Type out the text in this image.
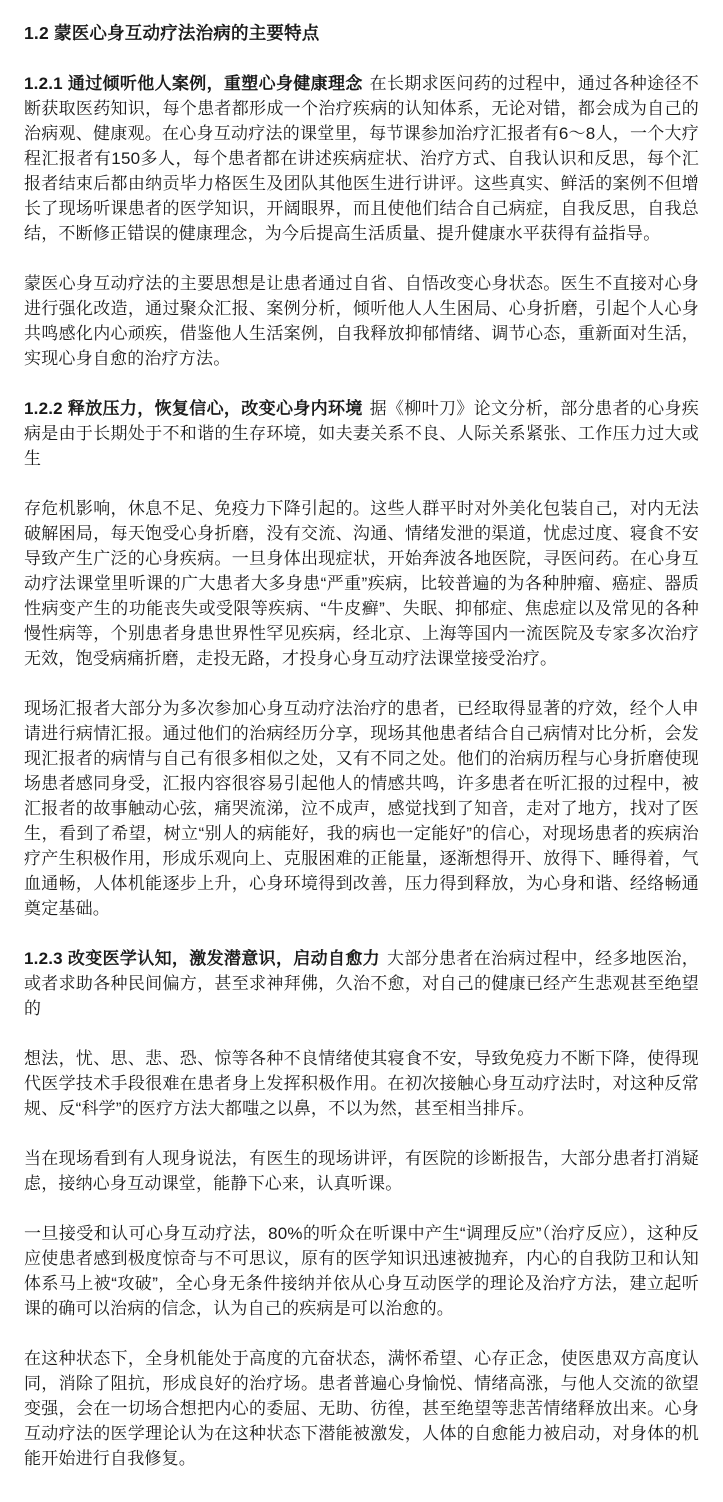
1.2 蒙医心身互动疗法治病的主要特点

1.2.1 通过倾听他人案例，重塑心身健康理念 在长期求医问药的过程中，通过各种途径不断获取医药知识，每个患者都形成一个治疗疾病的认知体系，无论对错，都会成为自己的治病观、健康观。在心身互动疗法的课堂里，每节课参加治疗汇报者有6～8人，一个大疗程汇报者有150多人，每个患者都在讲述疾病症状、治疗方式、自我认识和反思，每个汇报者结束后都由纳贡毕力格医生及团队其他医生进行讲评。这些真实、鲜活的案例不但增长了现场听课患者的医学知识，开阔眼界，而且使他们结合自己病症，自我反思，自我总结，不断修正错误的健康理念，为今后提高生活质量、提升健康水平获得有益指导。

蒙医心身互动疗法的主要思想是让患者通过自省、自悟改变心身状态。医生不直接对心身进行强化改造，通过聚众汇报、案例分析，倾听他人人生困局、心身折磨，引起个人心身共鸣感化内心顽疾，借鉴他人生活案例，自我释放抑郁情绪、调节心态，重新面对生活，实现心身自愈的治疗方法。

1.2.2 释放压力，恢复信心，改变心身内环境 据《柳叶刀》论文分析，部分患者的心身疾病是由于长期处于不和谐的生存环境，如夫妻关系不良、人际关系紧张、工作压力过大或生

存危机影响，休息不足、免疫力下降引起的。这些人群平时对外美化包装自己，对内无法破解困局，每天饱受心身折磨，没有交流、沟通、情绪发泄的渠道，忧虑过度、寝食不安导致产生广泛的心身疾病。一旦身体出现症状，开始奔波各地医院，寻医问药。在心身互动疗法课堂里听课的广大患者大多身患“严重”疾病，比较普遍的为各种肿瘤、癌症、器质性病变产生的功能丧失或受限等疾病、“牛皮癣”、失眠、抑郁症、焦虑症以及常见的各种慢性病等，个别患者身患世界性罕见疾病，经北京、上海等国内一流医院及专家多次治疗无效，饱受病痛折磨，走投无路，才投身心身互动疗法课堂接受治疗。

现场汇报者大部分为多次参加心身互动疗法治疗的患者，已经取得显著的疗效，经个人申请进行病情汇报。通过他们的治病经历分享，现场其他患者结合自己病情对比分析，会发现汇报者的病情与自己有很多相似之处，又有不同之处。他们的治病历程与心身折磨使现场患者感同身受，汇报内容很容易引起他人的情感共鸣，许多患者在听汇报的过程中，被汇报者的故事触动心弦，痛哭流涕，泣不成声，感觉找到了知音，走对了地方，找对了医生，看到了希望，树立“别人的病能好，我的病也一定能好”的信心，对现场患者的疾病治疗产生积极作用，形成乐观向上、克服困难的正能量，逐渐想得开、放得下、睡得着，气血通畅，人体机能逐步上升，心身环境得到改善，压力得到释放，为心身和谐、经络畅通奠定基础。

1.2.3 改变医学认知，激发潜意识，启动自愈力 大部分患者在治病过程中，经多地医治，或者求助各种民间偏方，甚至求神拜佛，久治不愈，对自己的健康已经产生悲观甚至绝望的

想法，忧、思、悲、恐、惊等各种不良情绪使其寝食不安，导致免疫力不断下降，使得现代医学技术手段很难在患者身上发挥积极作用。在初次接触心身互动疗法时，对这种反常规、反“科学”的医疗方法大都嗤之以鼻，不以为然，甚至相当排斥。

当在现场看到有人现身说法，有医生的现场讲评，有医院的诊断报告，大部分患者打消疑虑，接纳心身互动课堂，能静下心来，认真听课。

一旦接受和认可心身互动疗法，80%的听众在听课中产生“调理反应”（治疗反应），这种反应使患者感到极度惊奇与不可思议，原有的医学知识迅速被抛弃，内心的自我防卫和认知体系马上被“攻破”，全心身无条件接纳并依从心身互动医学的理论及治疗方法，建立起听课的确可以治病的信念，认为自己的疾病是可以治愈的。

在这种状态下，全身机能处于高度的亢奋状态，满怀希望、心存正念，使医患双方高度认同，消除了阻抗，形成良好的治疗场。患者普遍心身愉悦、情绪高涨，与他人交流的欲望变强，会在一切场合想把内心的委屈、无助、彷徨，甚至绝望等悲苦情绪释放出来。心身互动疗法的医学理论认为在这种状态下潜能被激发，人体的自愈能力被启动，对身体的机能开始进行自我修复。
